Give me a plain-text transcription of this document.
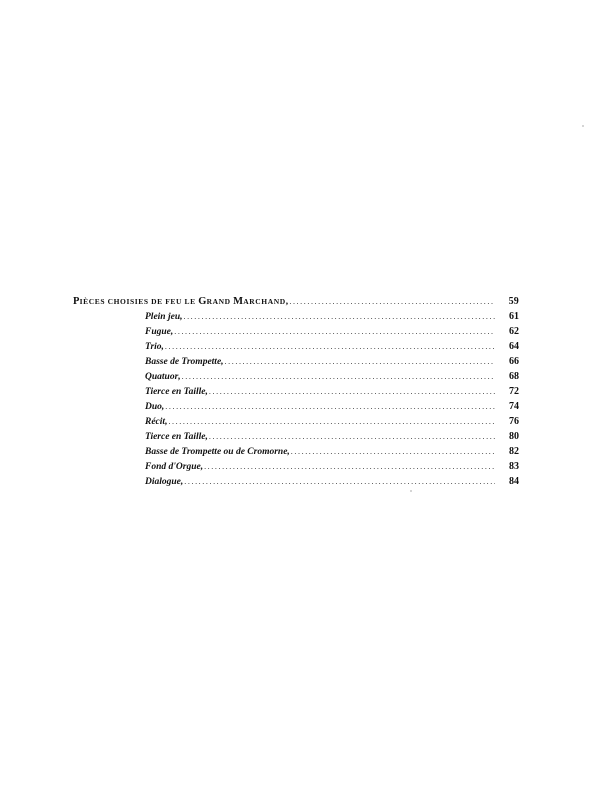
PIÈCES CHOISIES DE FEU LE GRAND MARCHAND , .....	59
Plein jeu , .....	61
Fugue , .....	62
Trio , .....	64
Basse de Trompette , .....	66
Quatuor , .....	68
Tierce en Taille , .....	72
Duo , .....	74
Récit , .....	76
Tierce en Taille , .....	80
Basse de Trompette ou de Cromorne , .....	82
Fond d'Orgue , .....	83
Dialogue , .....	84
